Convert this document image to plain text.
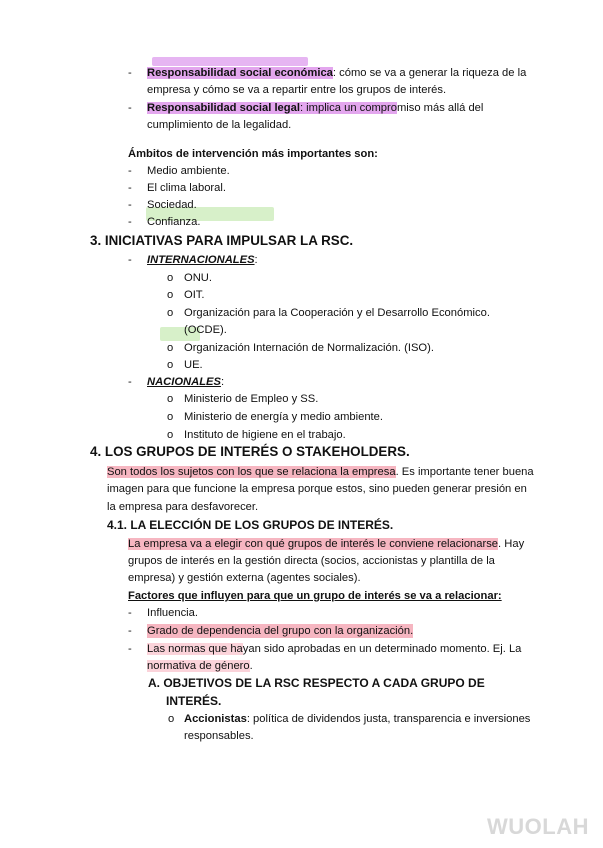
- Responsabilidad social económica: cómo se va a generar la riqueza de la
empresa y cómo se va a repartir entre los grupos de interés.
- Responsabilidad social legal: implica un compromiso más allá del
cumplimiento de la legalidad.
Ámbitos de intervención más importantes son:
- Medio ambiente.
- El clima laboral.
- Sociedad.
- Confianza.
3. INICIATIVAS PARA IMPULSAR LA RSC.
- INTERNACIONALES:
o ONU.
o OIT.
o Organización para la Cooperación y el Desarrollo Económico.
(OCDE).
o Organización Internación de Normalización. (ISO).
o UE.
- NACIONALES:
o Ministerio de Empleo y SS.
o Ministerio de energía y medio ambiente.
o Instituto de higiene en el trabajo.
4. LOS GRUPOS DE INTERÉS O STAKEHOLDERS.
Son todos los sujetos con los que se relaciona la empresa. Es importante tener buena
imagen para que funcione la empresa porque estos, sino pueden generar presión en
la empresa para desfavorecer.
4.1. LA ELECCIÓN DE LOS GRUPOS DE INTERÉS.
La empresa va a elegir con qué grupos de interés le conviene relacionarse. Hay
grupos de interés en la gestión directa (socios, accionistas y plantilla de la
empresa) y gestión externa (agentes sociales).
Factores que influyen para que un grupo de interés se va a relacionar:
- Influencia.
- Grado de dependencia del grupo con la organización.
- Las normas que hayan sido aprobadas en un determinado momento. Ej. La
normativa de género.
A. OBJETIVOS DE LA RSC RESPECTO A CADA GRUPO DE
INTERÉS.
o Accionistas: política de dividendos justa, transparencia e inversiones
responsables.
WUOLAH
